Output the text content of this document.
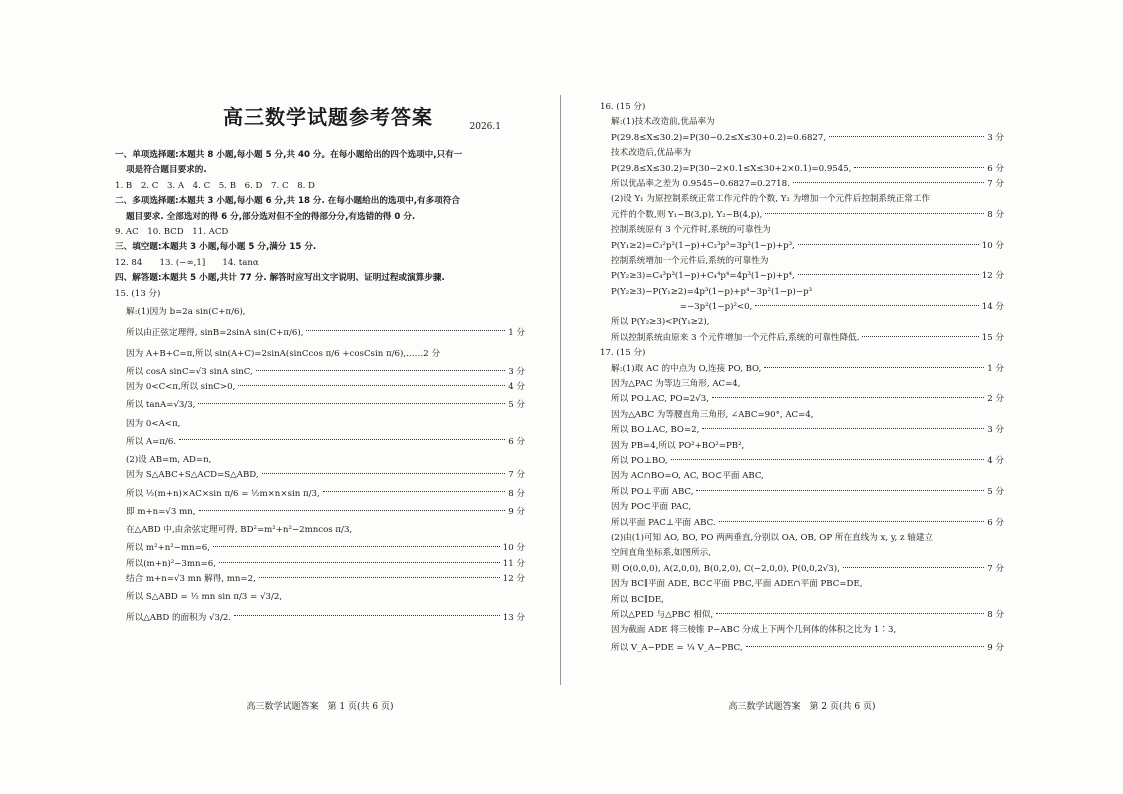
高三数学试题参考答案	2026.1
一、单项选择题:本题共 8 小题,每小题 5 分,共 40 分。在每小题给出的四个选项中,只有一
项是符合题目要求的.
1. B　2. C　3. A　4. C　5. B　6. D　7. C　8. D
二、多项选择题:本题共 3 小题,每小题 6 分,共 18 分. 在每小题给出的选项中,有多项符合
题目要求. 全部选对的得 6 分,部分选对但不全的得部分分,有选错的得 0 分.
9. AC　10. BCD　11. ACD
三、填空题:本题共 3 小题,每小题 5 分,满分 15 分.
12. 84　　13. (−∞,1]　　14. tanα
四、解答题:本题共 5 小题,共计 77 分. 解答时应写出文字说明、证明过程或演算步骤.
15. (13 分)
解:(1)因为 b=2a sin(C+π/6),
所以由正弦定理得, sinB=2sinA sin(C+π/6),	1 分
因为 A+B+C=π,所以 sin(A+C)=2sinA(sinCcos π/6 +cosCsin π/6),……2 分
所以 cosA sinC=√3 sinA sinC,	3 分
因为 0<C<π,所以 sinC>0,	4 分
所以 tanA=√3/3,	5 分
因为 0<A<π,
所以 A=π/6.	6 分
(2)设 AB=m, AD=n,
因为 S△ABC+S△ACD=S△ABD,	7 分
所以 ½(m+n)×AC×sin π/6 = ½m×n×sin π/3,	8 分
即 m+n=√3 mn,	9 分
在△ABD 中,由余弦定理可得, BD²=m²+n²−2mncos π/3,
所以 m²+n²−mn=6,	10 分
所以(m+n)²−3mn=6,	11 分
结合 m+n=√3 mn 解得, mn=2,	12 分
所以 S△ABD = ½ mn sin π/3 = √3/2,
所以△ABD 的面积为 √3/2.	13 分
高三数学试题答案　第 1 页(共 6 页)
16. (15 分)
解:(1)技术改造前,优品率为
P(29.8≤X≤30.2)=P(30−0.2≤X≤30+0.2)=0.6827,	3 分
技术改造后,优品率为
P(29.8≤X≤30.2)=P(30−2×0.1≤X≤30+2×0.1)=0.9545,	6 分
所以优品率之差为 0.9545−0.6827=0.2718.	7 分
(2)设 Y₁ 为原控制系统正常工作元件的个数, Y₂ 为增加一个元件后控制系统正常工作
元件的个数,则 Y₁~B(3,p), Y₂~B(4,p),	8 分
控制系统原有 3 个元件时,系统的可靠性为
P(Y₁≥2)=C₃²p²(1−p)+C₃³p³=3p²(1−p)+p³,	10 分
控制系统增加一个元件后,系统的可靠性为
P(Y₂≥3)=C₄³p³(1−p)+C₄⁴p⁴=4p³(1−p)+p⁴,	12 分
P(Y₂≥3)−P(Y₁≥2)=4p³(1−p)+p⁴−3p²(1−p)−p³
　　　　　　　　=−3p²(1−p)²<0,	14 分
所以 P(Y₂≥3)<P(Y₁≥2),
所以控制系统由原来 3 个元件增加一个元件后,系统的可靠性降低.	15 分
17. (15 分)
解:(1)取 AC 的中点为 O,连接 PO, BO,	1 分
因为△PAC 为等边三角形, AC=4,
所以 PO⊥AC, PO=2√3,	2 分
因为△ABC 为等腰直角三角形, ∠ABC=90°, AC=4,
所以 BO⊥AC, BO=2,	3 分
因为 PB=4,所以 PO²+BO²=PB²,
所以 PO⊥BO,	4 分
因为 AC∩BO=O, AC, BO⊂平面 ABC,
所以 PO⊥平面 ABC,	5 分
因为 PO⊂平面 PAC,
所以平面 PAC⊥平面 ABC.	6 分
(2)由(1)可知 AO, BO, PO 两两垂直,分别以 OA, OB, OP 所在直线为 x, y, z 轴建立
空间直角坐标系,如图所示,
则 O(0,0,0), A(2,0,0), B(0,2,0), C(−2,0,0), P(0,0,2√3),	7 分
因为 BC∥平面 ADE, BC⊂平面 PBC,平面 ADE∩平面 PBC=DE,
所以 BC∥DE,
所以△PED 与△PBC 相似,	8 分
因为截面 ADE 将三棱锥 P−ABC 分成上下两个几何体的体积之比为 1∶3,
所以 V_A−PDE = ¼ V_A−PBC,	9 分
高三数学试题答案　第 2 页(共 6 页)
